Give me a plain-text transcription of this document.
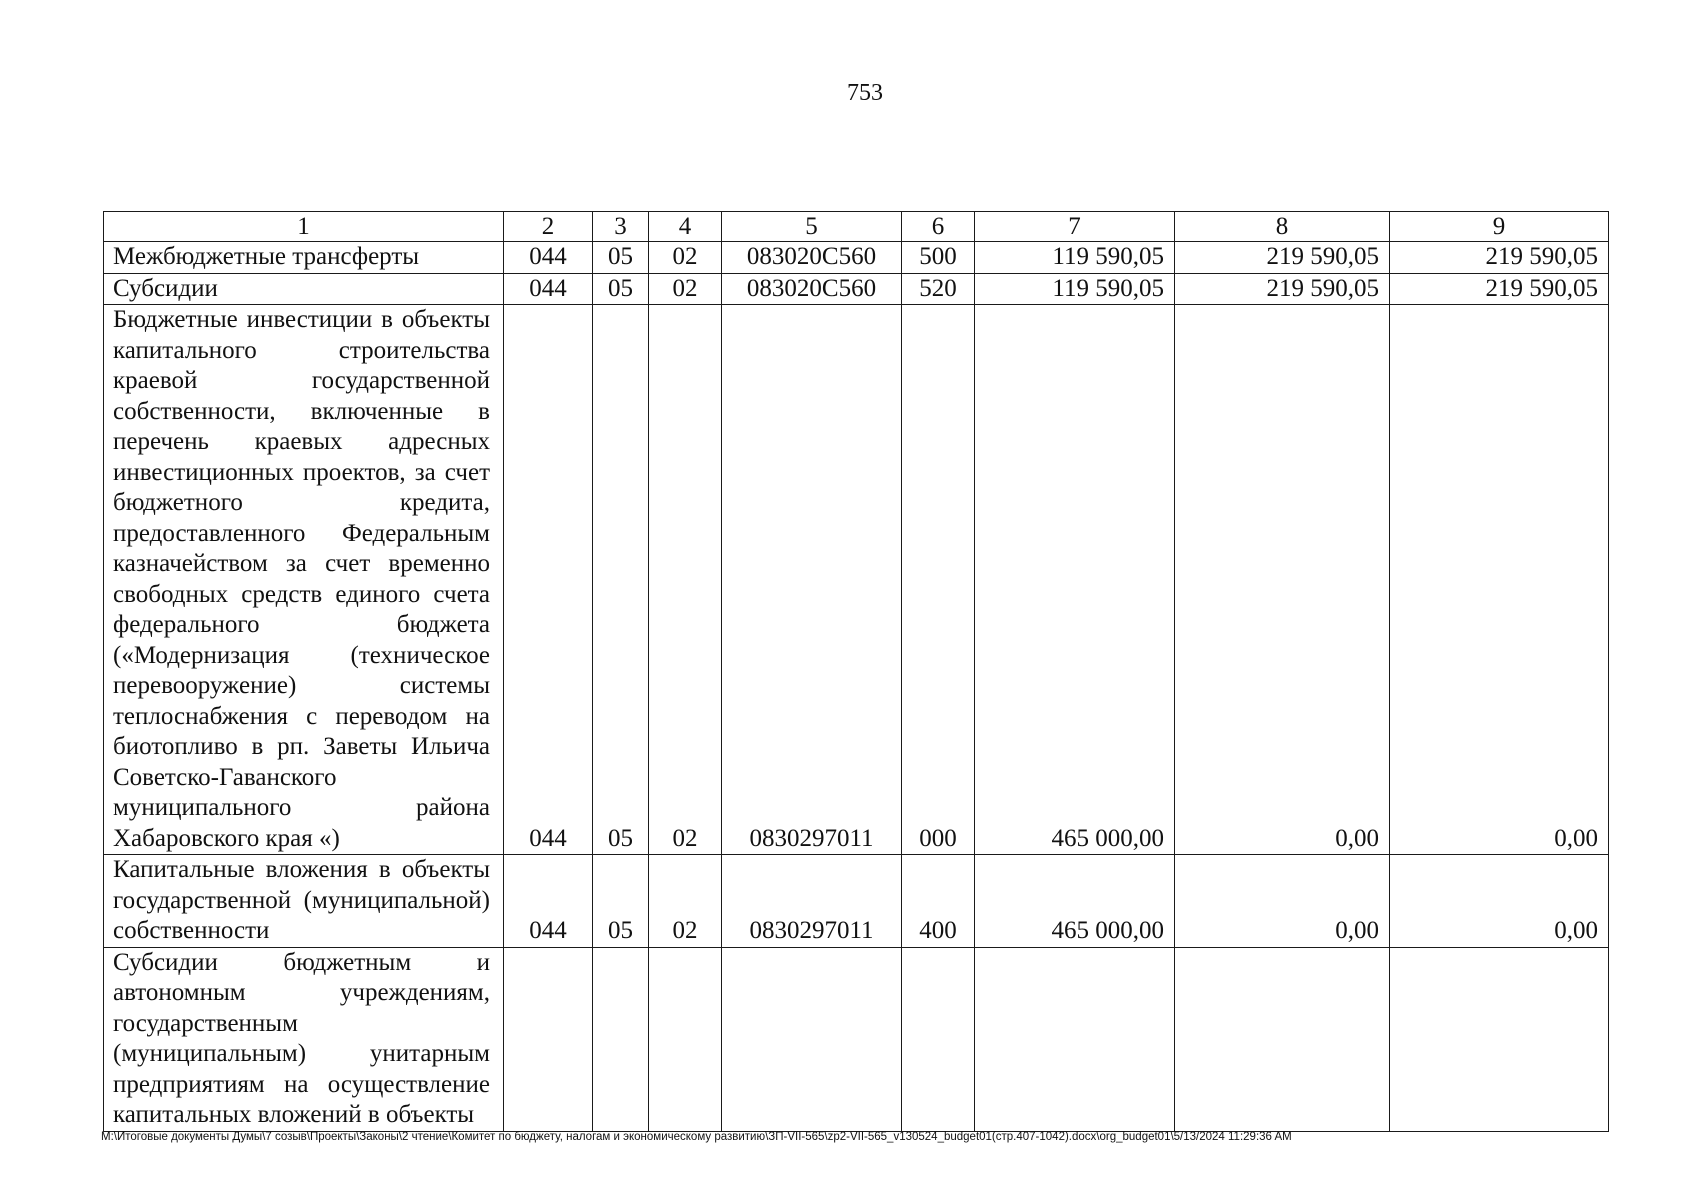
753
1	2	3	4	5	6	7	8	9
Межбюджетные трансферты	044	05	02	083020С560	500	119 590,05	219 590,05	219 590,05
Субсидии	044	05	02	083020С560	520	119 590,05	219 590,05	219 590,05
Бюджетные инвестиции в объекты капитального строительства краевой государственной собственности, включенные в перечень краевых адресных инвестиционных проектов, за счет бюджетного кредита, предоставленного Федеральным казначейством за счет временно свободных средств единого счета федерального бюджета («Модернизация (техническое перевооружение) системы теплоснабжения с переводом на биотопливо в рп. Заветы Ильича Советско-Гаванского муниципального района Хабаровского края «)	044	05	02	0830297011	000	465 000,00	0,00	0,00
Капитальные вложения в объекты государственной (муниципальной) собственности	044	05	02	0830297011	400	465 000,00	0,00	0,00
Субсидии бюджетным и автономным учреждениям, государственным (муниципальным) унитарным предприятиям на осуществление капитальных вложений в объекты								
M:\Итоговые документы Думы\7 созыв\Проекты\Законы\2 чтение\Комитет по бюджету, налогам и экономическому развитию\ЗП-VII-565\zp2-VII-565_v130524_budget01(стр.407-1042).docx\org_budget01\5/13/2024 11:29:36 AM
